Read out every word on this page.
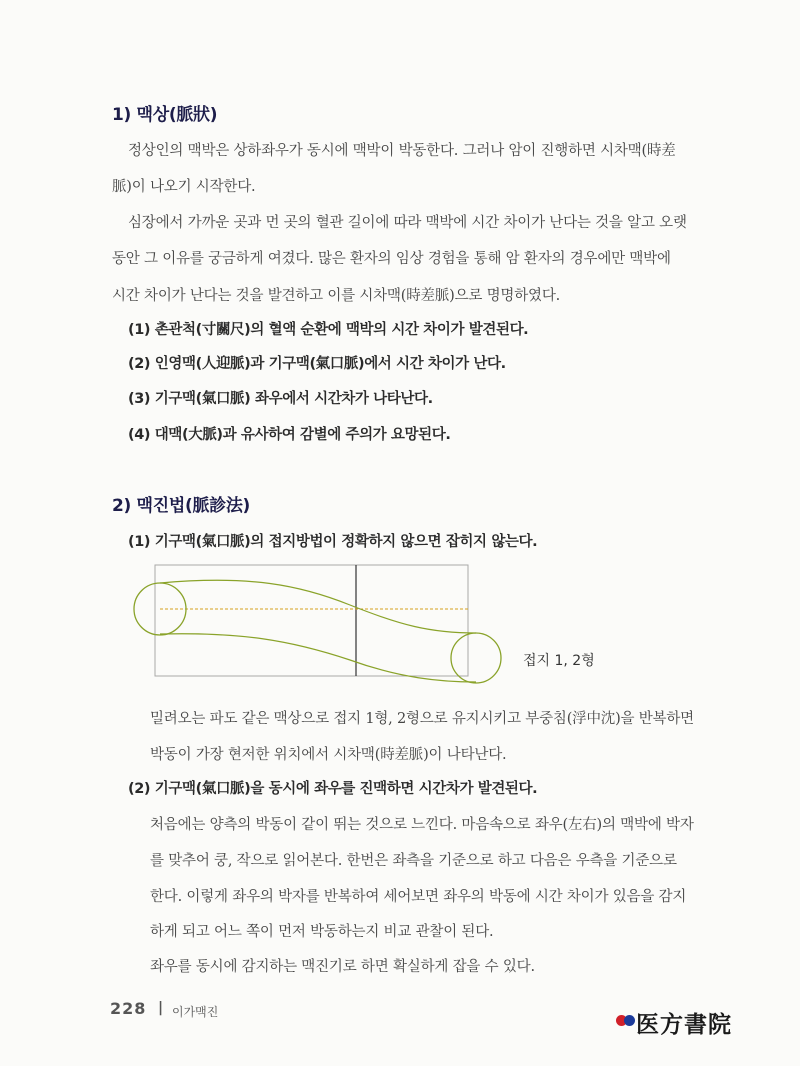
1) 맥상(脈狀)
정상인의 맥박은 상하좌우가 동시에 맥박이 박동한다. 그러나 암이 진행하면 시차맥(時差
脈)이 나오기 시작한다.
심장에서 가까운 곳과 먼 곳의 혈관 길이에 따라 맥박에 시간 차이가 난다는 것을 알고 오랫
동안 그 이유를 궁금하게 여겼다. 많은 환자의 임상 경험을 통해 암 환자의 경우에만 맥박에
시간 차이가 난다는 것을 발견하고 이를 시차맥(時差脈)으로 명명하였다.
(1) 촌관척(寸關尺)의 혈액 순환에 맥박의 시간 차이가 발견된다.
(2) 인영맥(人迎脈)과 기구맥(氣口脈)에서 시간 차이가 난다.
(3) 기구맥(氣口脈) 좌우에서 시간차가 나타난다.
(4) 대맥(大脈)과 유사하여 감별에 주의가 요망된다.
2) 맥진법(脈診法)
(1) 기구맥(氣口脈)의 접지방법이 정확하지 않으면 잡히지 않는다.
접지 1, 2형
밀려오는 파도 같은 맥상으로 접지 1형, 2형으로 유지시키고 부중침(浮中沈)을 반복하면
박동이 가장 현저한 위치에서 시차맥(時差脈)이 나타난다.
(2) 기구맥(氣口脈)을 동시에 좌우를 진맥하면 시간차가 발견된다.
처음에는 양측의 박동이 같이 뛰는 것으로 느낀다. 마음속으로 좌우(左右)의 맥박에 박자
를 맞추어 쿵, 작으로 읽어본다. 한번은 좌측을 기준으로 하고 다음은 우측을 기준으로
한다. 이렇게 좌우의 박자를 반복하여 세어보면 좌우의 박동에 시간 차이가 있음을 감지
하게 되고 어느 쪽이 먼저 박동하는지 비교 관찰이 된다.
좌우를 동시에 감지하는 맥진기로 하면 확실하게 잡을 수 있다.
228 | 이가맥진	医方書院
